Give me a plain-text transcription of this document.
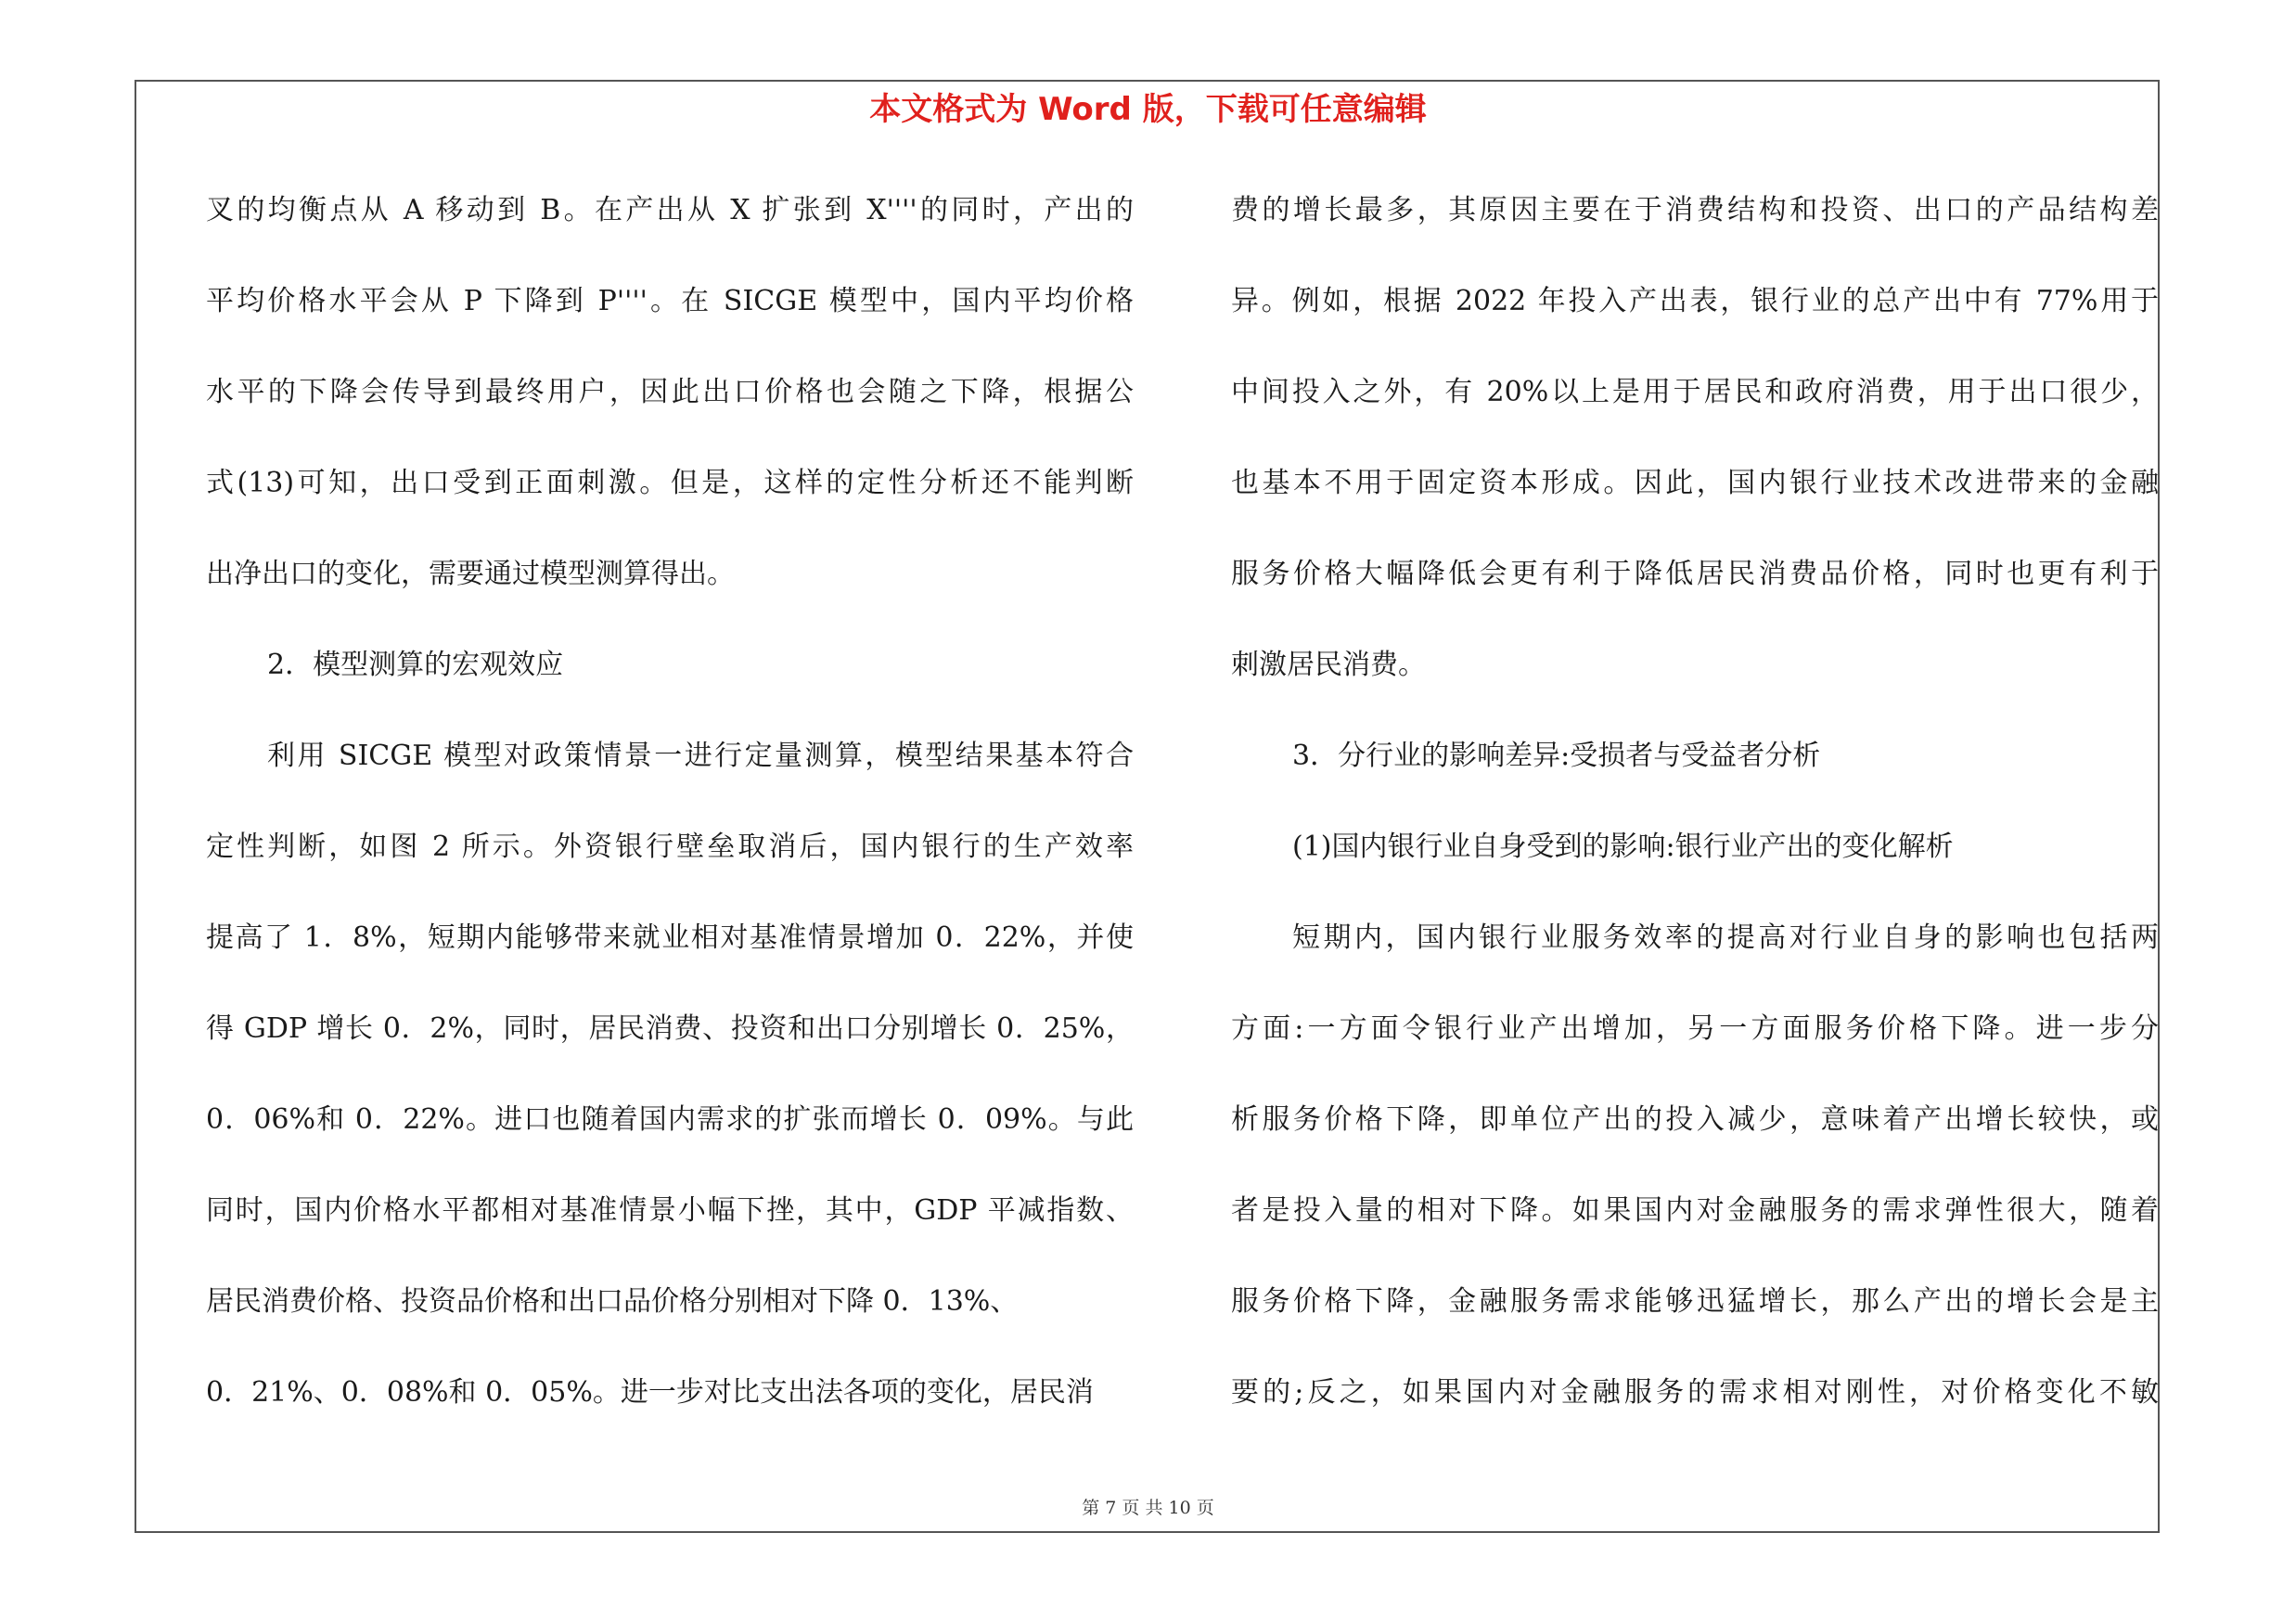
本文格式为 Word 版，下载可任意编辑
叉的均衡点从 A 移动到 B。在产出从 X 扩张到 X''''的同时，产出的
平均价格水平会从 P 下降到 P''''。在 SICGE 模型中，国内平均价格
水平的下降会传导到最终用户，因此出口价格也会随之下降，根据公
式(13)可知，出口受到正面刺激。但是，这样的定性分析还不能判断
出净出口的变化，需要通过模型测算得出。
2．模型测算的宏观效应
利用 SICGE 模型对政策情景一进行定量测算，模型结果基本符合
定性判断，如图 2 所示。外资银行壁垒取消后，国内银行的生产效率
提高了 1．8%，短期内能够带来就业相对基准情景增加 0．22%，并使
得 GDP 增长 0．2%，同时，居民消费、投资和出口分别增长 0．25%，
0．06%和 0．22%。进口也随着国内需求的扩张而增长 0．09%。与此
同时，国内价格水平都相对基准情景小幅下挫，其中，GDP 平减指数、
居民消费价格、投资品价格和出口品价格分别相对下降 0．13%、
0．21%、0．08%和 0．05%。进一步对比支出法各项的变化，居民消
费的增长最多，其原因主要在于消费结构和投资、出口的产品结构差
异。例如，根据 2022 年投入产出表，银行业的总产出中有 77%用于
中间投入之外，有 20%以上是用于居民和政府消费，用于出口很少，
也基本不用于固定资本形成。因此，国内银行业技术改进带来的金融
服务价格大幅降低会更有利于降低居民消费品价格，同时也更有利于
刺激居民消费。
3．分行业的影响差异:受损者与受益者分析
(1)国内银行业自身受到的影响:银行业产出的变化解析
短期内，国内银行业服务效率的提高对行业自身的影响也包括两
方面:一方面令银行业产出增加，另一方面服务价格下降。进一步分
析服务价格下降，即单位产出的投入减少，意味着产出增长较快，或
者是投入量的相对下降。如果国内对金融服务的需求弹性很大，随着
服务价格下降，金融服务需求能够迅猛增长，那么产出的增长会是主
要的;反之，如果国内对金融服务的需求相对刚性，对价格变化不敏
第 7 页 共 10 页
